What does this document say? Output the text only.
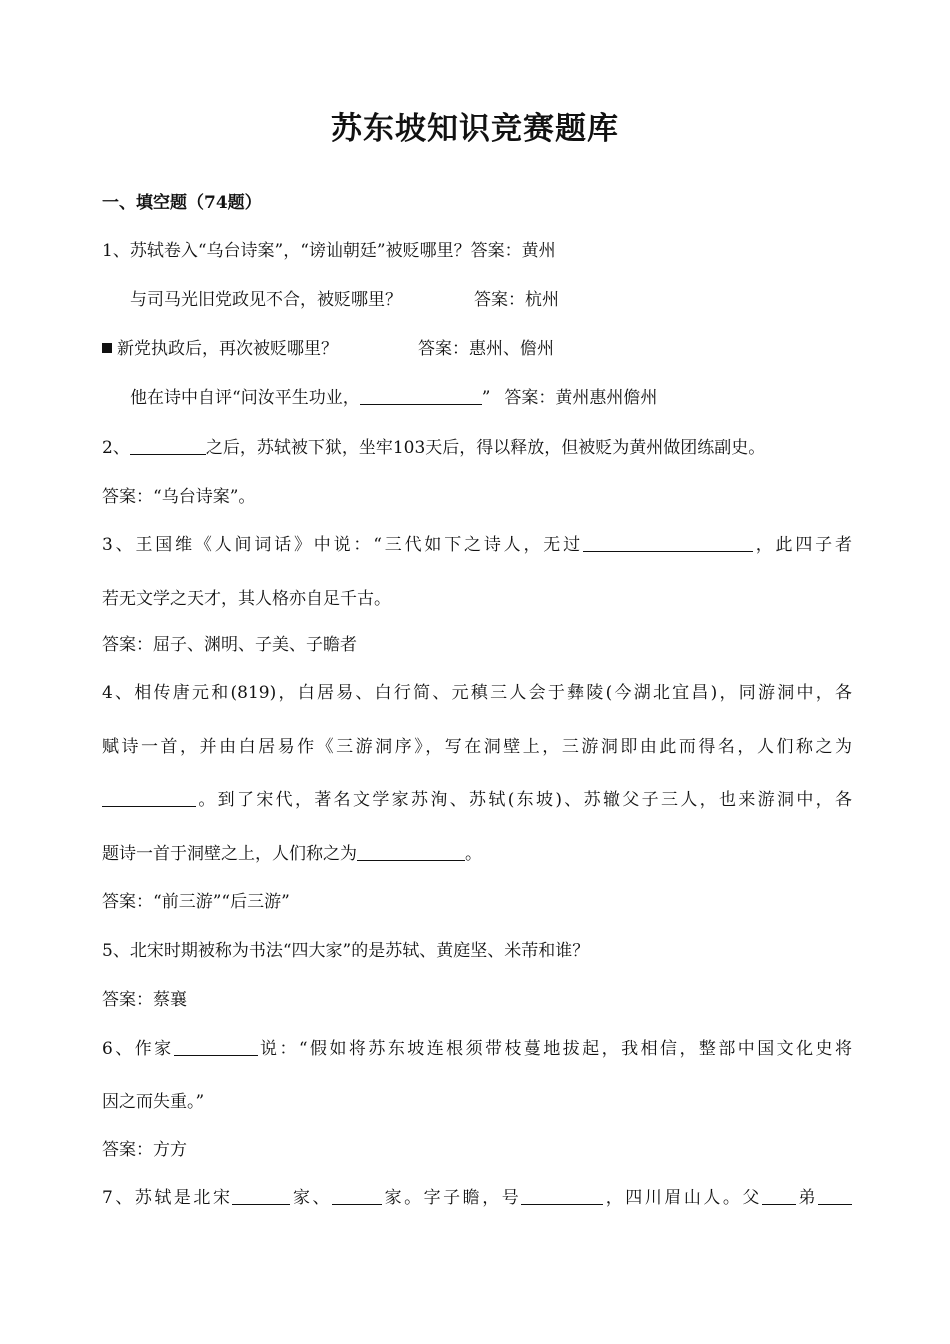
苏东坡知识竞赛题库
一、填空题（74题）
1、苏轼卷入“乌台诗案”，“谤讪朝廷”被贬哪里？答案：黄州
与司马光旧党政见不合，被贬哪里？	答案：杭州
新党执政后，再次被贬哪里？	答案：惠州、儋州
他在诗中自评“问汝平生功业，	” 答案：黄州惠州儋州
2、	之后，苏轼被下狱，坐牢103天后，得以释放，但被贬为黄州做团练副史。
答案：“乌台诗案”。
3、王国维《人间词话》中说：“三代如下之诗人，无过	，此四子者
若无文学之天才，其人格亦自足千古。
答案：屈子、渊明、子美、子瞻者
4、相传唐元和(819)，白居易、白行简、元稹三人会于彝陵(今湖北宜昌)，同游洞中，各
赋诗一首，并由白居易作《三游洞序》，写在洞壁上，三游洞即由此而得名，人们称之为
。到了宋代，著名文学家苏洵、苏轼(东坡)、苏辙父子三人，也来游洞中，各
题诗一首于洞壁之上，人们称之为	。
答案：“前三游”“后三游”
5、北宋时期被称为书法“四大家”的是苏轼、黄庭坚、米芾和谁？
答案：蔡襄
6、作家	说：“假如将苏东坡连根须带枝蔓地拔起，我相信，整部中国文化史将
因之而失重。”
答案：方方
7、苏轼是北宋	家、	家。字子瞻，号	，四川眉山人。父 弟
